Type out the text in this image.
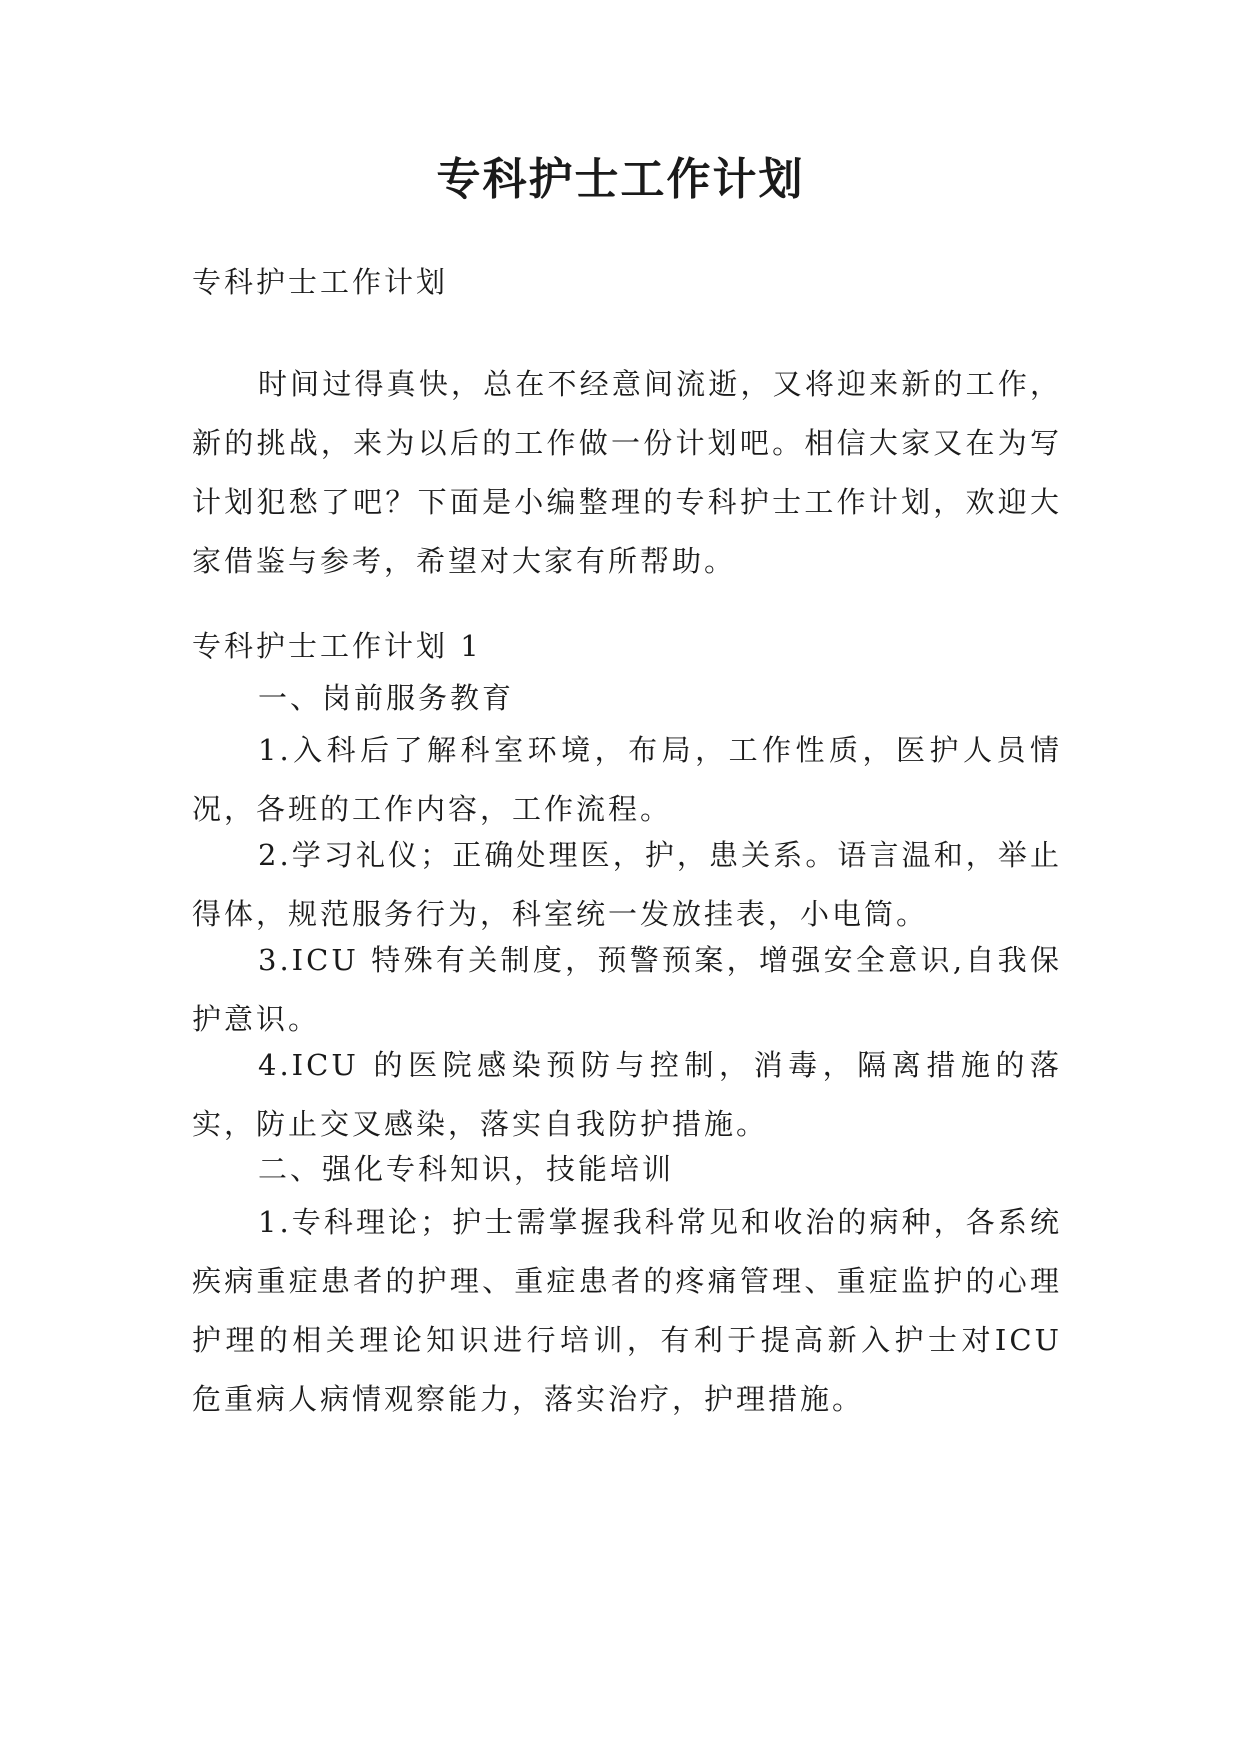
专科护士工作计划

专科护士工作计划

时间过得真快，总在不经意间流逝，又将迎来新的工作，新的挑战，来为以后的工作做一份计划吧。相信大家又在为写计划犯愁了吧？下面是小编整理的专科护士工作计划，欢迎大家借鉴与参考，希望对大家有所帮助。

专科护士工作计划 1

一、岗前服务教育

1.入科后了解科室环境，布局，工作性质，医护人员情况，各班的工作内容，工作流程。

2.学习礼仪；正确处理医，护，患关系。语言温和，举止得体，规范服务行为，科室统一发放挂表，小电筒。

3.ICU 特殊有关制度，预警预案，增强安全意识,自我保护意识。

4.ICU 的医院感染预防与控制，消毒，隔离措施的落实，防止交叉感染，落实自我防护措施。

二、强化专科知识，技能培训

1.专科理论；护士需掌握我科常见和收治的病种，各系统疾病重症患者的护理、重症患者的疼痛管理、重症监护的心理护理的相关理论知识进行培训，有利于提高新入护士对ICU 危重病人病情观察能力，落实治疗，护理措施。
